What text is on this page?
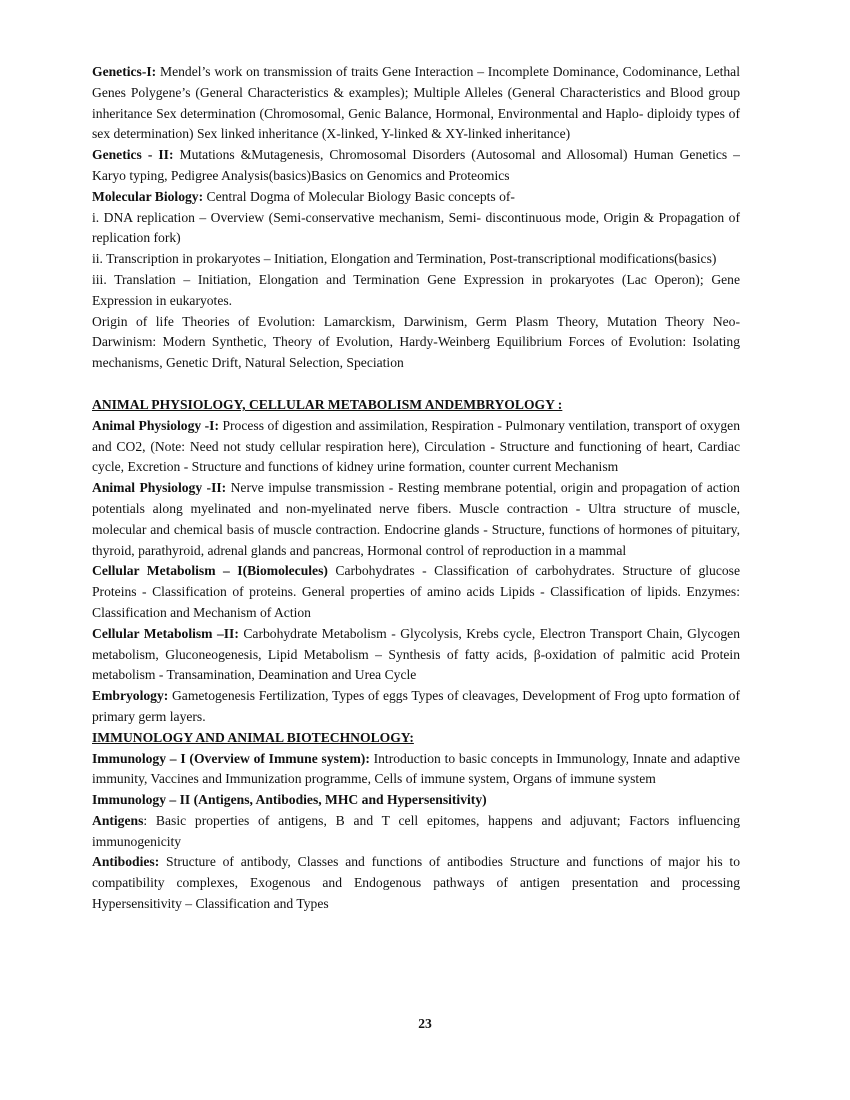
Genetics-I: Mendel’s work on transmission of traits Gene Interaction – Incomplete Dominance, Codominance, Lethal Genes Polygene’s (General Characteristics & examples); Multiple Alleles (General Characteristics and Blood group inheritance Sex determination (Chromosomal, Genic Balance, Hormonal, Environmental and Haplo- diploidy types of sex determination) Sex linked inheritance (X-linked, Y-linked & XY-linked inheritance)

Genetics - II: Mutations &Mutagenesis, Chromosomal Disorders (Autosomal and Allosomal) Human Genetics – Karyo typing, Pedigree Analysis(basics)Basics on Genomics and Proteomics

Molecular Biology: Central Dogma of Molecular Biology Basic concepts of-

i. DNA replication – Overview (Semi-conservative mechanism, Semi- discontinuous mode, Origin & Propagation of replication fork)

ii. Transcription in prokaryotes – Initiation, Elongation and Termination, Post-transcriptional modifications(basics)

iii. Translation – Initiation, Elongation and Termination Gene Expression in prokaryotes (Lac Operon); Gene Expression in eukaryotes.

Origin of life Theories of Evolution: Lamarckism, Darwinism, Germ Plasm Theory, Mutation Theory Neo- Darwinism: Modern Synthetic, Theory of Evolution, Hardy-Weinberg Equilibrium Forces of Evolution: Isolating mechanisms, Genetic Drift, Natural Selection, Speciation

ANIMAL PHYSIOLOGY, CELLULAR METABOLISM ANDEMBRYOLOGY :

Animal Physiology -I: Process of digestion and assimilation, Respiration - Pulmonary ventilation, transport of oxygen and CO2, (Note: Need not study cellular respiration here), Circulation - Structure and functioning of heart, Cardiac cycle, Excretion - Structure and functions of kidney urine formation, counter current Mechanism

Animal Physiology -II: Nerve impulse transmission - Resting membrane potential, origin and propagation of action potentials along myelinated and non-myelinated nerve fibers. Muscle contraction - Ultra structure of muscle, molecular and chemical basis of muscle contraction. Endocrine glands - Structure, functions of hormones of pituitary, thyroid, parathyroid, adrenal glands and pancreas, Hormonal control of reproduction in a mammal

Cellular Metabolism – I(Biomolecules) Carbohydrates - Classification of carbohydrates. Structure of glucose Proteins - Classification of proteins. General properties of amino acids Lipids - Classification of lipids. Enzymes: Classification and Mechanism of Action

Cellular Metabolism –II: Carbohydrate Metabolism - Glycolysis, Krebs cycle, Electron Transport Chain, Glycogen metabolism, Gluconeogenesis, Lipid Metabolism – Synthesis of fatty acids, β-oxidation of palmitic acid Protein metabolism - Transamination, Deamination and Urea Cycle

Embryology: Gametogenesis Fertilization, Types of eggs Types of cleavages, Development of Frog upto formation of primary germ layers.

IMMUNOLOGY AND ANIMAL BIOTECHNOLOGY:

Immunology – I (Overview of Immune system): Introduction to basic concepts in Immunology, Innate and adaptive immunity, Vaccines and Immunization programme, Cells of immune system, Organs of immune system

Immunology – II (Antigens, Antibodies, MHC and Hypersensitivity)

Antigens: Basic properties of antigens, B and T cell epitomes, happens and adjuvant; Factors influencing immunogenicity

Antibodies: Structure of antibody, Classes and functions of antibodies Structure and functions of major his to compatibility complexes, Exogenous and Endogenous pathways of antigen presentation and processing Hypersensitivity – Classification and Types

23
